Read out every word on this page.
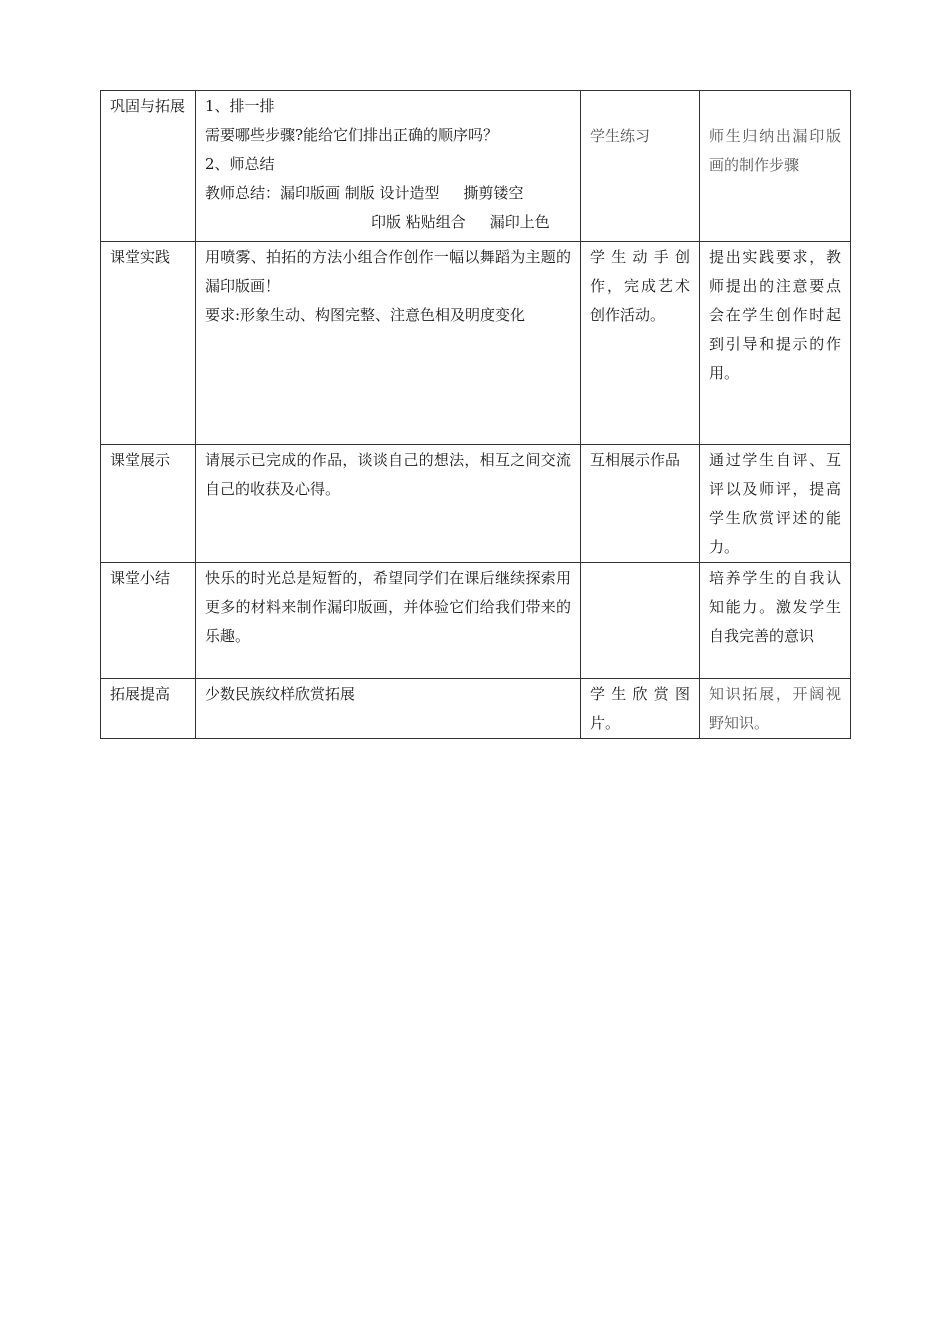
巩固与拓展	1、排一排
需要哪些步骤?能给它们排出正确的顺序吗？
2、师总结
教师总结：漏印版画 制版 设计造型 撕剪镂空
印版 粘贴组合 漏印上色	学生练习	师生归纳出漏印版画的制作步骤

课堂实践	用喷雾、拍拓的方法小组合作创作一幅以舞蹈为主题的漏印版画！
要求:形象生动、构图完整、注意色相及明度变化	学生动手创作，完成艺术创作活动。	提出实践要求，教师提出的注意要点会在学生创作时起到引导和提示的作用。

课堂展示	请展示已完成的作品，谈谈自己的想法，相互之间交流自己的收获及心得。	互相展示作品	通过学生自评、互评以及师评，提高学生欣赏评述的能力。

课堂小结	快乐的时光总是短暂的，希望同学们在课后继续探索用更多的材料来制作漏印版画，并体验它们给我们带来的乐趣。		培养学生的自我认知能力。激发学生自我完善的意识

拓展提高	少数民族纹样欣赏拓展	学生欣赏图片。	知识拓展，开阔视野知识。
